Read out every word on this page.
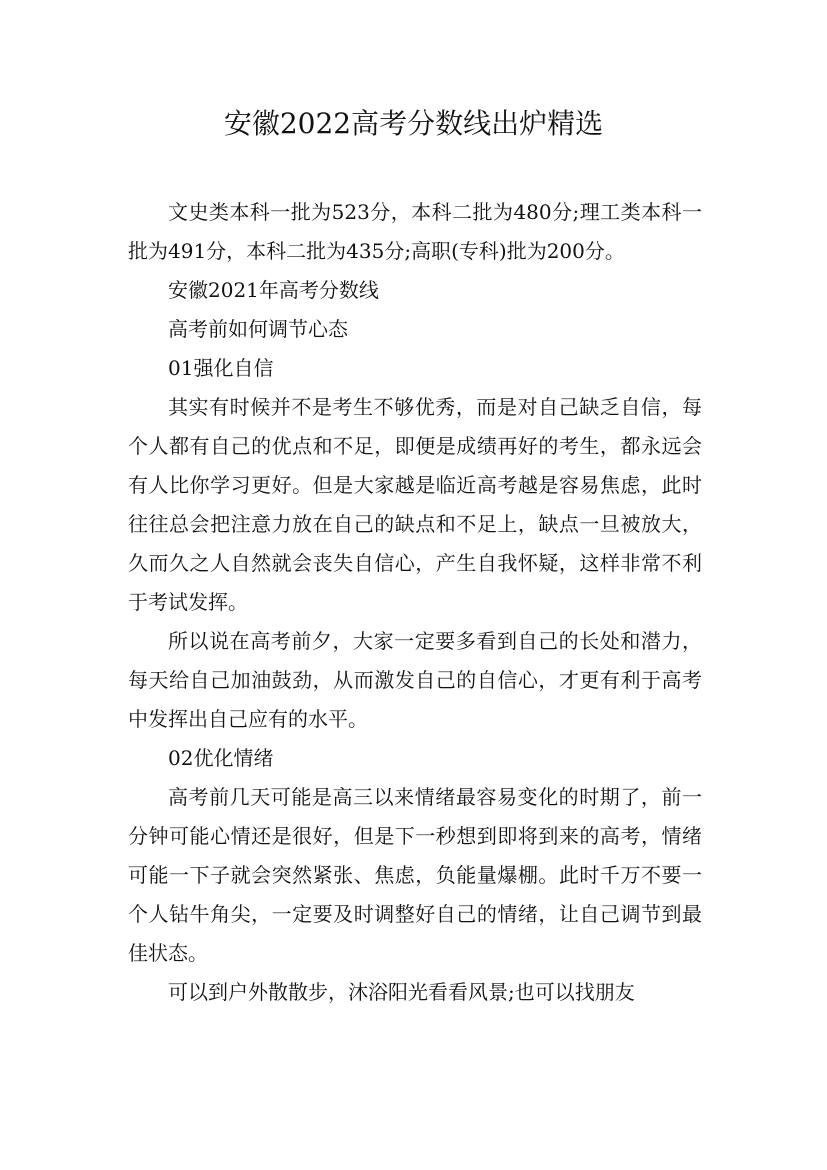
安徽2022高考分数线出炉精选

文史类本科一批为523分，本科二批为480分;理工类本科一批为491分，本科二批为435分;高职(专科)批为200分。

安徽2021年高考分数线

高考前如何调节心态

01强化自信

其实有时候并不是考生不够优秀，而是对自己缺乏自信，每个人都有自己的优点和不足，即便是成绩再好的考生，都永远会有人比你学习更好。但是大家越是临近高考越是容易焦虑，此时往往总会把注意力放在自己的缺点和不足上，缺点一旦被放大，久而久之人自然就会丧失自信心，产生自我怀疑，这样非常不利于考试发挥。

所以说在高考前夕，大家一定要多看到自己的长处和潜力，每天给自己加油鼓劲，从而激发自己的自信心，才更有利于高考中发挥出自己应有的水平。

02优化情绪

高考前几天可能是高三以来情绪最容易变化的时期了，前一分钟可能心情还是很好，但是下一秒想到即将到来的高考，情绪可能一下子就会突然紧张、焦虑，负能量爆棚。此时千万不要一个人钻牛角尖，一定要及时调整好自己的情绪，让自己调节到最佳状态。

可以到户外散散步，沐浴阳光看看风景;也可以找朋友
